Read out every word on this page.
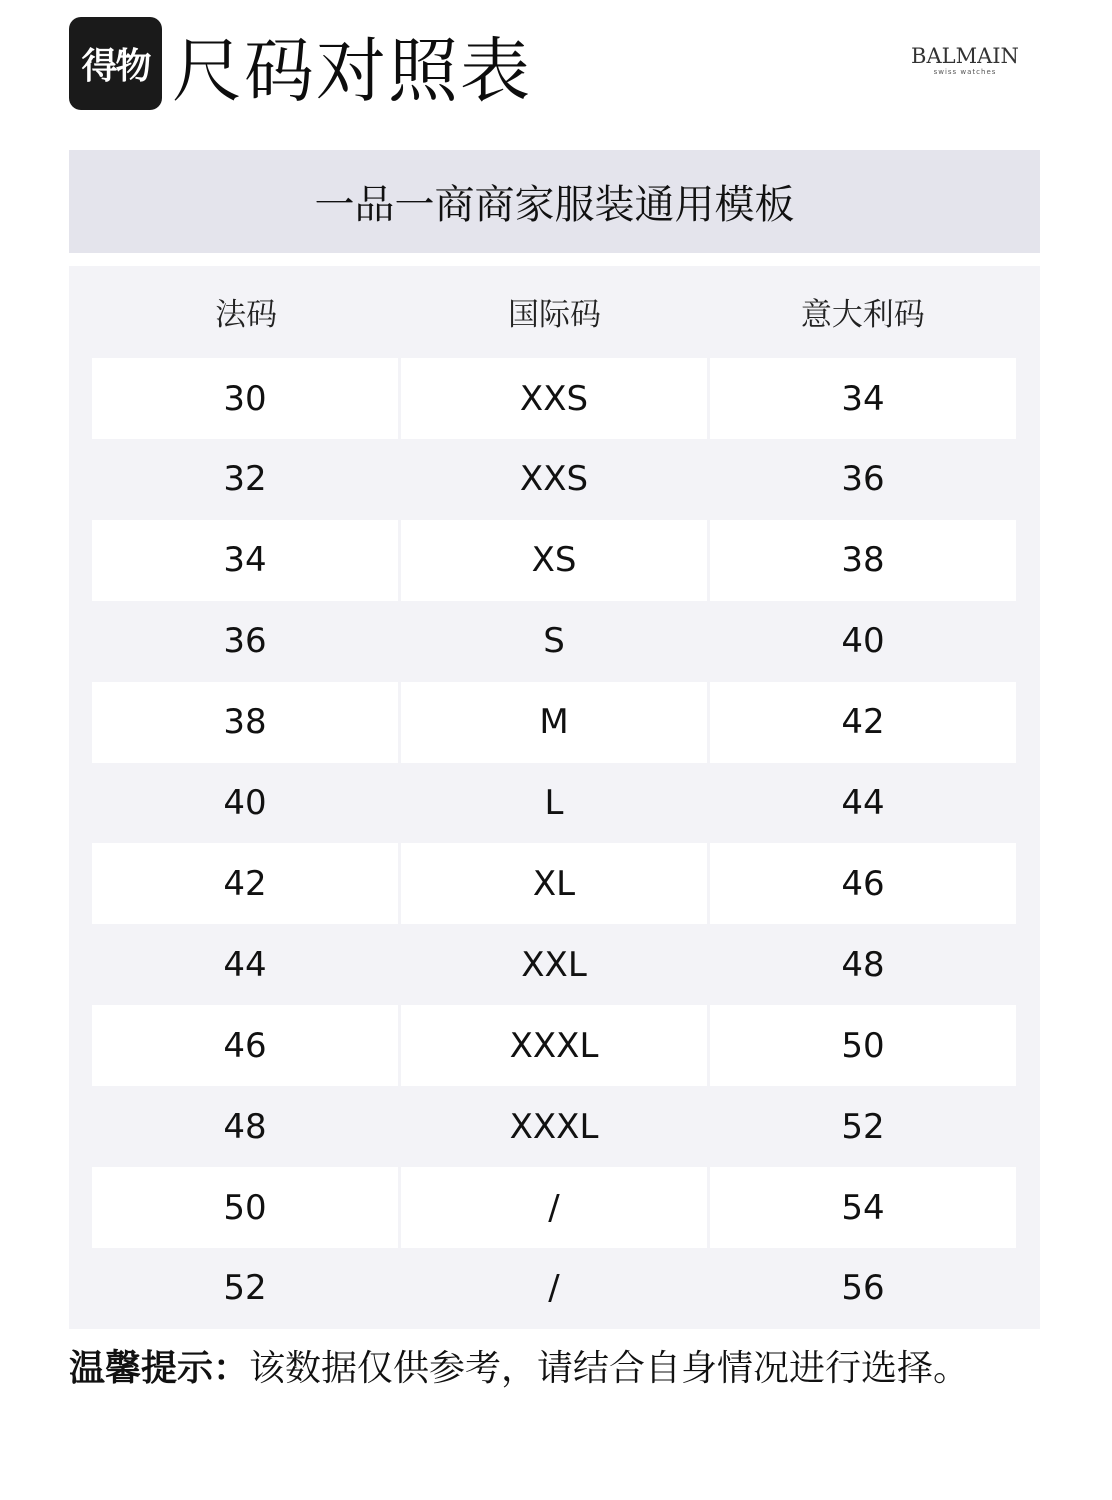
得物 尺码对照表	BALMAIN
swiss watches
一品一商商家服装通用模板
法码	国际码	意大利码
30	XXS	34
32	XXS	36
34	XS	38
36	S	40
38	M	42
40	L	44
42	XL	46
44	XXL	48
46	XXXL	50
48	XXXL	52
50	/	54
52	/	56
温馨提示：该数据仅供参考，请结合自身情况进行选择。
